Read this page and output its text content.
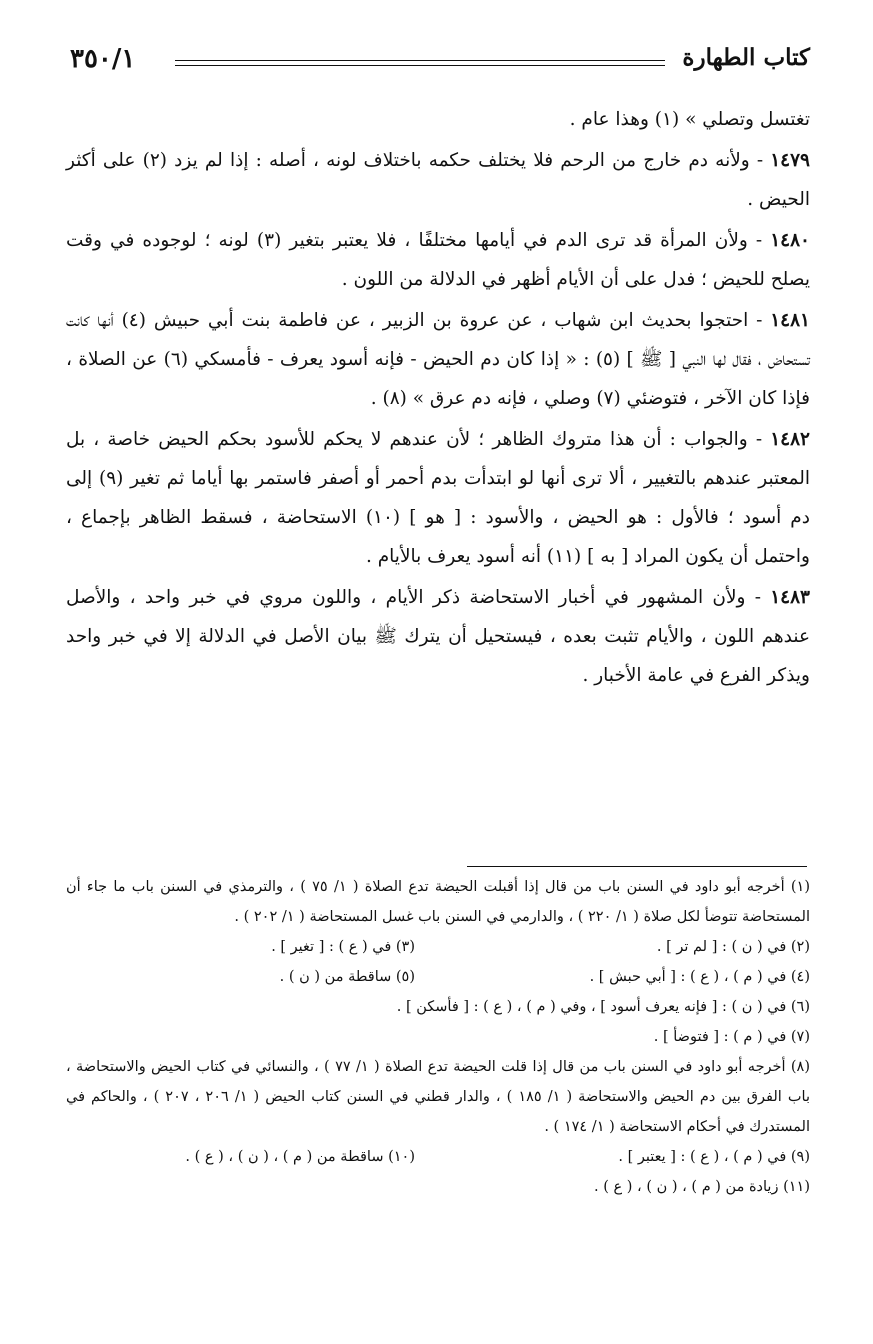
كتاب الطهارة
٣٥٠/١

تغتسل وتصلي » (١) وهذا عام .

١٤٧٩ - ولأنه دم خارج من الرحم فلا يختلف حكمه باختلاف لونه ، أصله : إذا لم يزد (٢) على أكثر الحيض .

١٤٨٠ - ولأن المرأة قد ترى الدم في أيامها مختلفًا ، فلا يعتبر بتغير (٣) لونه ؛ لوجوده في وقت يصلح للحيض ؛ فدل على أن الأيام أظهر في الدلالة من اللون .

١٤٨١ - احتجوا بحديث ابن شهاب ، عن عروة بن الزبير ، عن فاطمة بنت أبي حبيش (٤) أنها كانت تستحاض ، فقال لها النبي [ ﷺ ] (٥) : « إذا كان دم الحيض - فإنه أسود يعرف - فأمسكي (٦) عن الصلاة ، فإذا كان الآخر ، فتوضئي (٧) وصلي ، فإنه دم عرق » (٨) .

١٤٨٢ - والجواب : أن هذا متروك الظاهر ؛ لأن عندهم لا يحكم للأسود بحكم الحيض خاصة ، بل المعتبر عندهم بالتغيير ، ألا ترى أنها لو ابتدأت بدم أحمر أو أصفر فاستمر بها أياما ثم تغير (٩) إلى دم أسود ؛ فالأول : هو الحيض ، والأسود : [ هو ] (١٠) الاستحاضة ، فسقط الظاهر بإجماع ، واحتمل أن يكون المراد [ به ] (١١) أنه أسود يعرف بالأيام .

١٤٨٣ - ولأن المشهور في أخبار الاستحاضة ذكر الأيام ، واللون مروي في خبر واحد ، والأصل عندهم اللون ، والأيام تثبت بعده ، فيستحيل أن يترك ﷺ بيان الأصل في الدلالة إلا في خبر واحد ويذكر الفرع في عامة الأخبار .

(١) أخرجه أبو داود في السنن باب من قال إذا أقبلت الحيضة تدع الصلاة ( ١/ ٧٥ ) ، والترمذي في السنن باب ما جاء أن المستحاضة تتوضأ لكل صلاة ( ١/ ٢٢٠ ) ، والدارمي في السنن باب غسل المستحاضة ( ١/ ٢٠٢ ) .

(٢) في ( ن ) : [ لم تر ] .

(٣) في ( ع ) : [ تغير ] .

(٤) في ( م ) ، ( ع ) : [ أبي حبش ] .

(٥) ساقطة من ( ن ) .

(٦) في ( ن ) : [ فإنه يعرف أسود ] ، وفي ( م ) ، ( ع ) : [ فأسكن ] .

(٧) في ( م ) : [ فتوضأ ] .

(٨) أخرجه أبو داود في السنن باب من قال إذا قلت الحيضة تدع الصلاة ( ١/ ٧٧ ) ، والنسائي في كتاب الحيض والاستحاضة ، باب الفرق بين دم الحيض والاستحاضة ( ١/ ١٨٥ ) ، والدار قطني في السنن كتاب الحيض ( ١/ ٢٠٦ ، ٢٠٧ ) ، والحاكم في المستدرك في أحكام الاستحاضة ( ١/ ١٧٤ ) .

(٩) في ( م ) ، ( ع ) : [ يعتبر ] .

(١٠) ساقطة من ( م ) ، ( ن ) ، ( ع ) .

(١١) زيادة من ( م ) ، ( ن ) ، ( ع ) .
